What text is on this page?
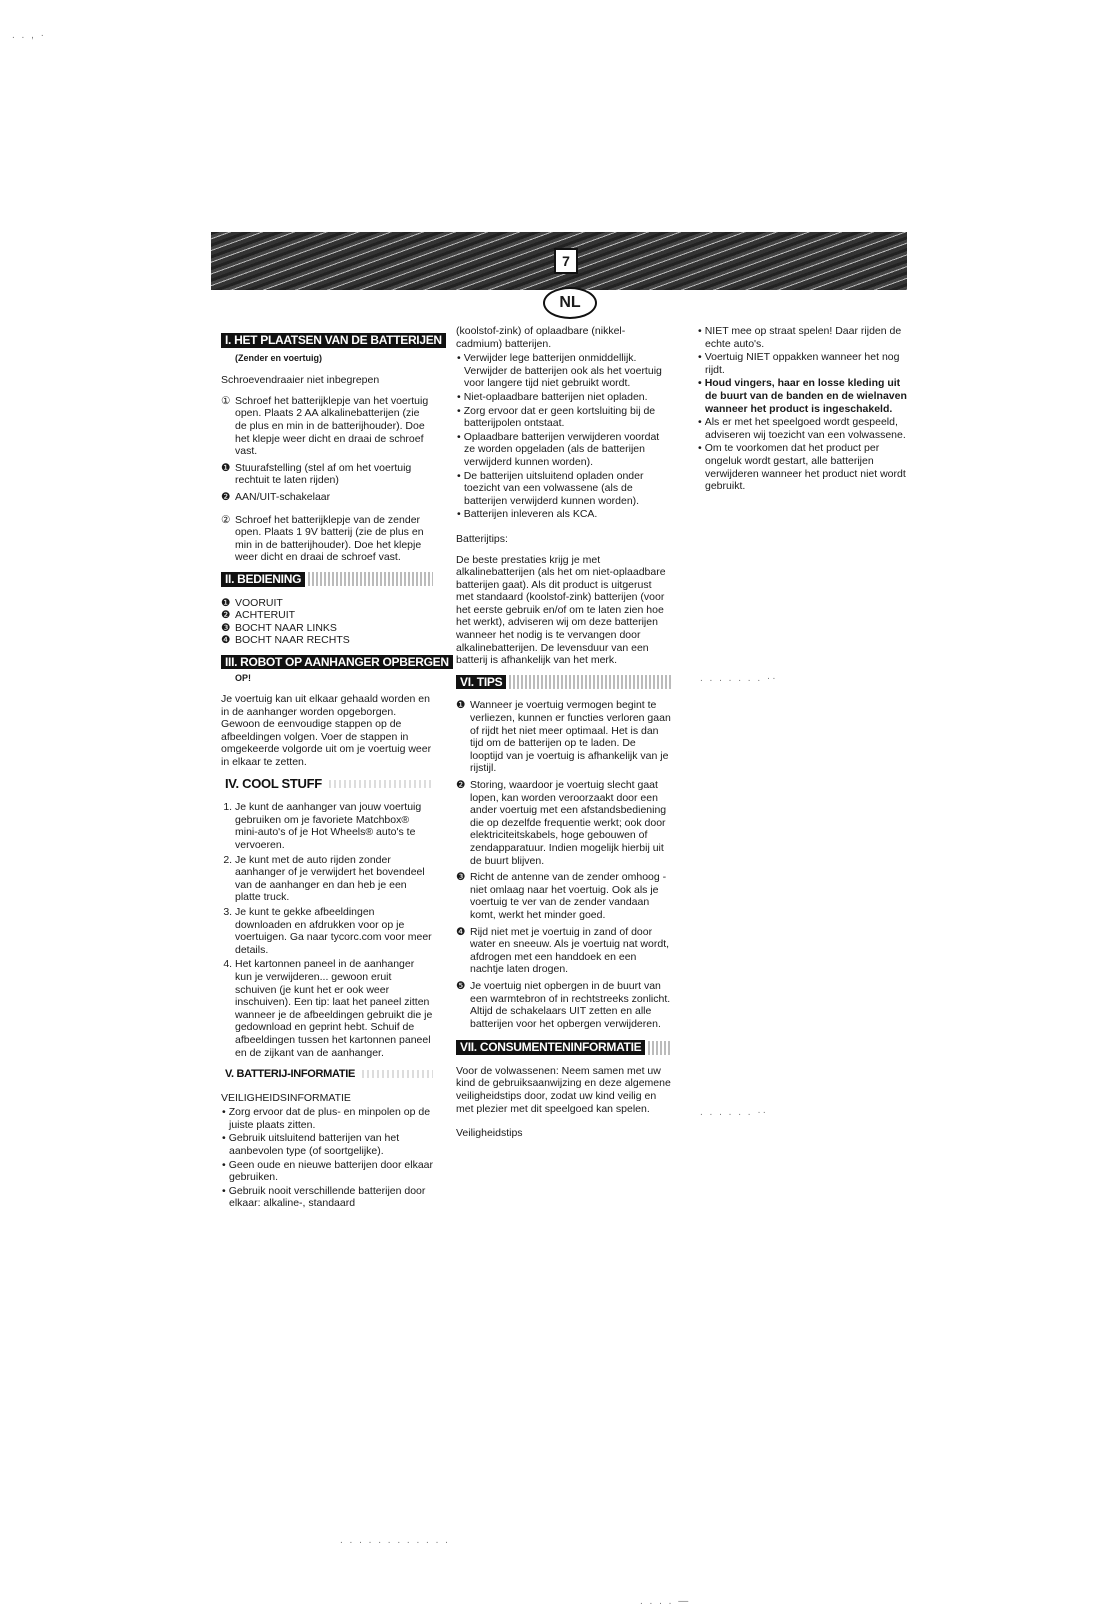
7
NL
I. HET PLAATSEN VAN DE BATTERIJEN

(Zender en voertuig)

Schroevendraaier niet inbegrepen

① Schroef het batterijklepje van het voertuig open. Plaats 2 AA alkalinebatterijen (zie de plus en min in de batterijhouder). Doe het klepje weer dicht en draai de schroef vast.
❶ Stuurafstelling (stel af om het voertuig rechtuit te laten rijden)
❷ AAN/UIT-schakelaar
② Schroef het batterijklepje van de zender open. Plaats 1 9V batterij (zie de plus en min in de batterijhouder). Doe het klepje weer dicht en draai de schroef vast.
II. BEDIENING
❶ VOORUIT
❷ ACHTERUIT
❸ BOCHT NAAR LINKS
❹ BOCHT NAAR RECHTS
III. ROBOT OP AANHANGER OPBERGEN

OP!

Je voertuig kan uit elkaar gehaald worden en in de aanhanger worden opgeborgen. Gewoon de eenvoudige stappen op de afbeeldingen volgen. Voer de stappen in omgekeerde volgorde uit om je voertuig weer in elkaar te zetten.

IV. COOL STUFF
1. Je kunt de aanhanger van jouw voertuig gebruiken om je favoriete Matchbox® mini-auto's of je Hot Wheels® auto's te vervoeren.
2. Je kunt met de auto rijden zonder aanhanger of je verwijdert het bovendeel van de aanhanger en dan heb je een platte truck.
3. Je kunt te gekke afbeeldingen downloaden en afdrukken voor op je voertuigen. Ga naar tycorc.com voor meer details.
4. Het kartonnen paneel in de aanhanger kun je verwijderen... gewoon eruit schuiven (je kunt het er ook weer inschuiven). Een tip: laat het paneel zitten wanneer je de afbeeldingen gebruikt die je gedownload en geprint hebt. Schuif de afbeeldingen tussen het kartonnen paneel en de zijkant van de aanhanger.
V. BATTERIJ-INFORMATIE

VEILIGHEIDSINFORMATIE

• Zorg ervoor dat de plus- en minpolen op de juiste plaats zitten.
• Gebruik uitsluitend batterijen van het aanbevolen type (of soortgelijke).
• Geen oude en nieuwe batterijen door elkaar gebruiken.
• Gebruik nooit verschillende batterijen door elkaar: alkaline-, standaard

(koolstof-zink) of oplaadbare (nikkel-cadmium) batterijen.

• Verwijder lege batterijen onmiddellijk. Verwijder de batterijen ook als het voertuig voor langere tijd niet gebruikt wordt.
• Niet-oplaadbare batterijen niet opladen.
• Zorg ervoor dat er geen kortsluiting bij de batterijpolen ontstaat.
• Oplaadbare batterijen verwijderen voordat ze worden opgeladen (als de batterijen verwijderd kunnen worden).
• De batterijen uitsluitend opladen onder toezicht van een volwassene (als de batterijen verwijderd kunnen worden).
• Batterijen inleveren als KCA.

Batterijtips:

De beste prestaties krijg je met alkalinebatterijen (als het om niet-oplaadbare batterijen gaat). Als dit product is uitgerust met standaard (koolstof-zink) batterijen (voor het eerste gebruik en/of om te laten zien hoe het werkt), adviseren wij om deze batterijen wanneer het nodig is te vervangen door alkalinebatterijen. De levensduur van een batterij is afhankelijk van het merk.

VI. TIPS
❶ Wanneer je voertuig vermogen begint te verliezen, kunnen er functies verloren gaan of rijdt het niet meer optimaal. Het is dan tijd om de batterijen op te laden. De looptijd van je voertuig is afhankelijk van je rijstijl.
❷ Storing, waardoor je voertuig slecht gaat lopen, kan worden veroorzaakt door een ander voertuig met een afstandsbediening die op dezelfde frequentie werkt; ook door elektriciteitskabels, hoge gebouwen of zendapparatuur. Indien mogelijk hierbij uit de buurt blijven.
❸ Richt de antenne van de zender omhoog - niet omlaag naar het voertuig. Ook als je voertuig te ver van de zender vandaan komt, werkt het minder goed.
❹ Rijd niet met je voertuig in zand of door water en sneeuw. Als je voertuig nat wordt, afdrogen met een handdoek en een nachtje laten drogen.
❺ Je voertuig niet opbergen in de buurt van een warmtebron of in rechtstreeks zonlicht. Altijd de schakelaars UIT zetten en alle batterijen voor het opbergen verwijderen.
VII. CONSUMENTENINFORMATIE

Voor de volwassenen: Neem samen met uw kind de gebruiksaanwijzing en deze algemene veiligheidstips door, zodat uw kind veilig en met plezier met dit speelgoed kan spelen.

Veiligheidstips

• NIET mee op straat spelen! Daar rijden de echte auto's.
• Voertuig NIET oppakken wanneer het nog rijdt.
• Houd vingers, haar en losse kleding uit de buurt van de banden en de wielnaven wanneer het product is ingeschakeld.
• Als er met het speelgoed wordt gespeeld, adviseren wij toezicht van een volwassene.
• Om te voorkomen dat het product per ongeluk wordt gestart, alle batterijen verwijderen wanneer het product niet wordt gebruikt.
. . , ·
. . . . . . . ··
. . . . . . ··
. . . . . . . . . . . .
. . . . —
